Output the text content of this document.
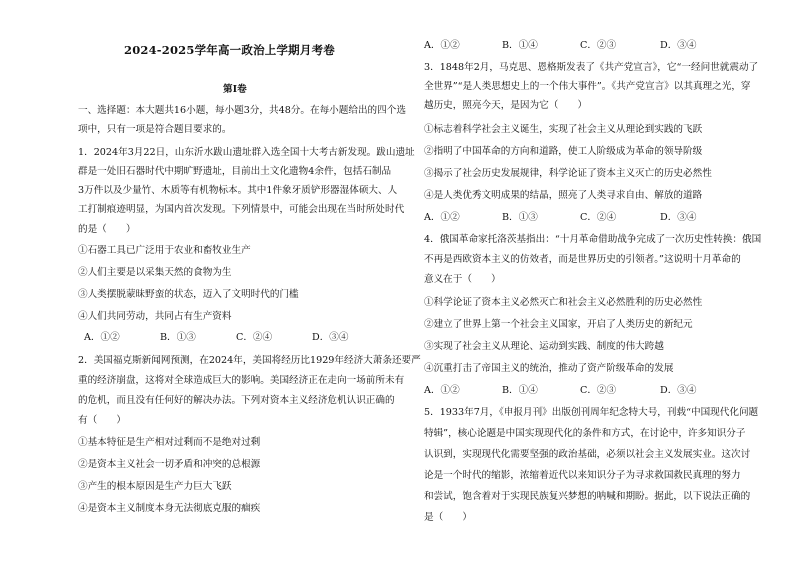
2024-2025学年高一政治上学期月考卷
第Ⅰ卷
一、选择题：本大题共16小题，每小题3分，共48分。在每小题给出的四个选
项中，只有一项是符合题目要求的。
1．2024年3月22日，山东沂水跋山遗址群入选全国十大考古新发现。跋山遗址
群是一处旧石器时代中期旷野遗址，目前出土文化遗物4余件，包括石制品
3万件以及少量竹、木质等有机物标本。其中1件象牙质铲形器湿体硕大、人
工打制痕迹明显，为国内首次发现。下列情景中，可能会出现在当时所处时代
的是（　　）
①石器工具已广泛用于农业和畜牧业生产
②人们主要是以采集天然的食物为生
③人类摆脱蒙昧野蛮的状态，迈入了文明时代的门槛
④人们共同劳动，共同占有生产资料
A．①②	B．①③	C．②④	D．③④
2．美国福克斯新闻网预测，在2024年，美国将经历比1929年经济大萧条还要严
重的经济崩盘，这将对全球造成巨大的影响。美国经济正在走向一场前所未有
的危机，而且没有任何好的解决办法。下列对资本主义经济危机认识正确的
有（　　）
①基本特征是生产相对过剩而不是绝对过剩
②是资本主义社会一切矛盾和冲突的总根源
③产生的根本原因是生产力巨大飞跃
④是资本主义制度本身无法彻底克服的痼疾
A．①②	B．①④	C．②③	D．③④
3．1848年2月，马克思、恩格斯发表了《共产党宣言》，它“一经问世就震动了
全世界”“是人类思想史上的一个伟大事件”。《共产党宣言》以其真理之光，穿
越历史，照亮今天，是因为它（　　）
①标志着科学社会主义诞生，实现了社会主义从理论到实践的飞跃
②指明了中国革命的方向和道路，使工人阶级成为革命的领导阶级
③揭示了社会历史发展规律，科学论证了资本主义灭亡的历史必然性
④是人类优秀文明成果的结晶，照亮了人类寻求自由、解放的道路
A．①②	B．①③	C．②④	D．③④
4．俄国革命家托洛茨基指出：“十月革命借助战争完成了一次历史性转换：俄国
不再是西欧资本主义的仿效者，而是世界历史的引领者。”这说明十月革命的
意义在于（　　）
①科学论证了资本主义必然灭亡和社会主义必然胜利的历史必然性
②建立了世界上第一个社会主义国家，开启了人类历史的新纪元
③实现了社会主义从理论、运动到实践、制度的伟大跨越
④沉重打击了帝国主义的统治，推动了资产阶级革命的发展
A．①②	B．①④	C．②③	D．③④
5．1933年7月，《申报月刊》出版创刊周年纪念特大号，刊载“中国现代化问题
特辑”，核心论题是中国实现现代化的条件和方式，在讨论中，许多知识分子
认识到，实现现代化需要坚强的政治基础，必须以社会主义发展实业。这次讨
论是一个时代的缩影，浓缩着近代以来知识分子为寻求救国救民真理的努力
和尝试，饱含着对于实现民族复兴梦想的呐喊和期盼。据此，以下说法正确的
是（　　）
